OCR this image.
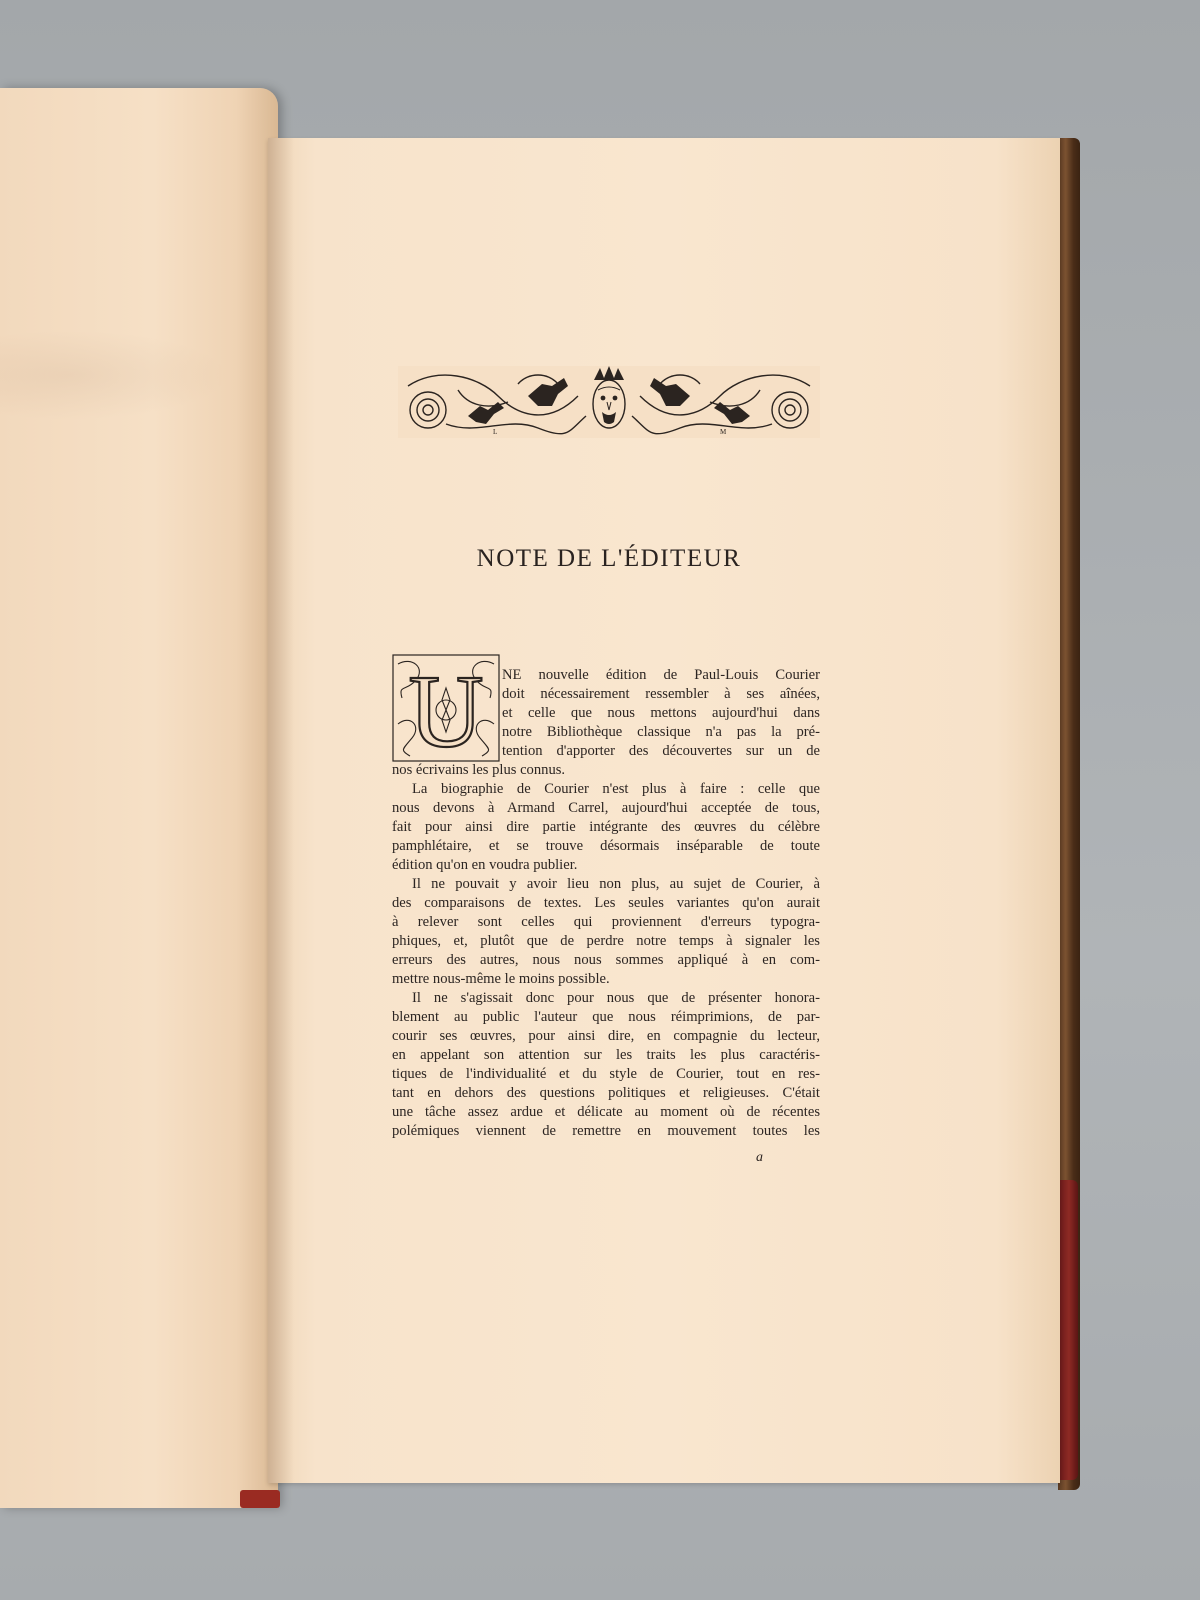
L	M
NOTE DE L'ÉDITEUR
U NE nouvelle édition de Paul-Louis Courier
doit nécessairement ressembler à ses aînées,
et celle que nous mettons aujourd'hui dans
notre Bibliothèque classique n'a pas la pré-
tention d'apporter des découvertes sur un de
nos écrivains les plus connus.
La biographie de Courier n'est plus à faire : celle que
nous devons à Armand Carrel, aujourd'hui acceptée de tous,
fait pour ainsi dire partie intégrante des œuvres du célèbre
pamphlétaire, et se trouve désormais inséparable de toute
édition qu'on en voudra publier.
Il ne pouvait y avoir lieu non plus, au sujet de Courier, à
des comparaisons de textes. Les seules variantes qu'on aurait
à relever sont celles qui proviennent d'erreurs typogra-
phiques, et, plutôt que de perdre notre temps à signaler les
erreurs des autres, nous nous sommes appliqué à en com-
mettre nous-même le moins possible.
Il ne s'agissait donc pour nous que de présenter honora-
blement au public l'auteur que nous réimprimions, de par-
courir ses œuvres, pour ainsi dire, en compagnie du lecteur,
en appelant son attention sur les traits les plus caractéris-
tiques de l'individualité et du style de Courier, tout en res-
tant en dehors des questions politiques et religieuses. C'était
une tâche assez ardue et délicate au moment où de récentes
polémiques viennent de remettre en mouvement toutes les
a
